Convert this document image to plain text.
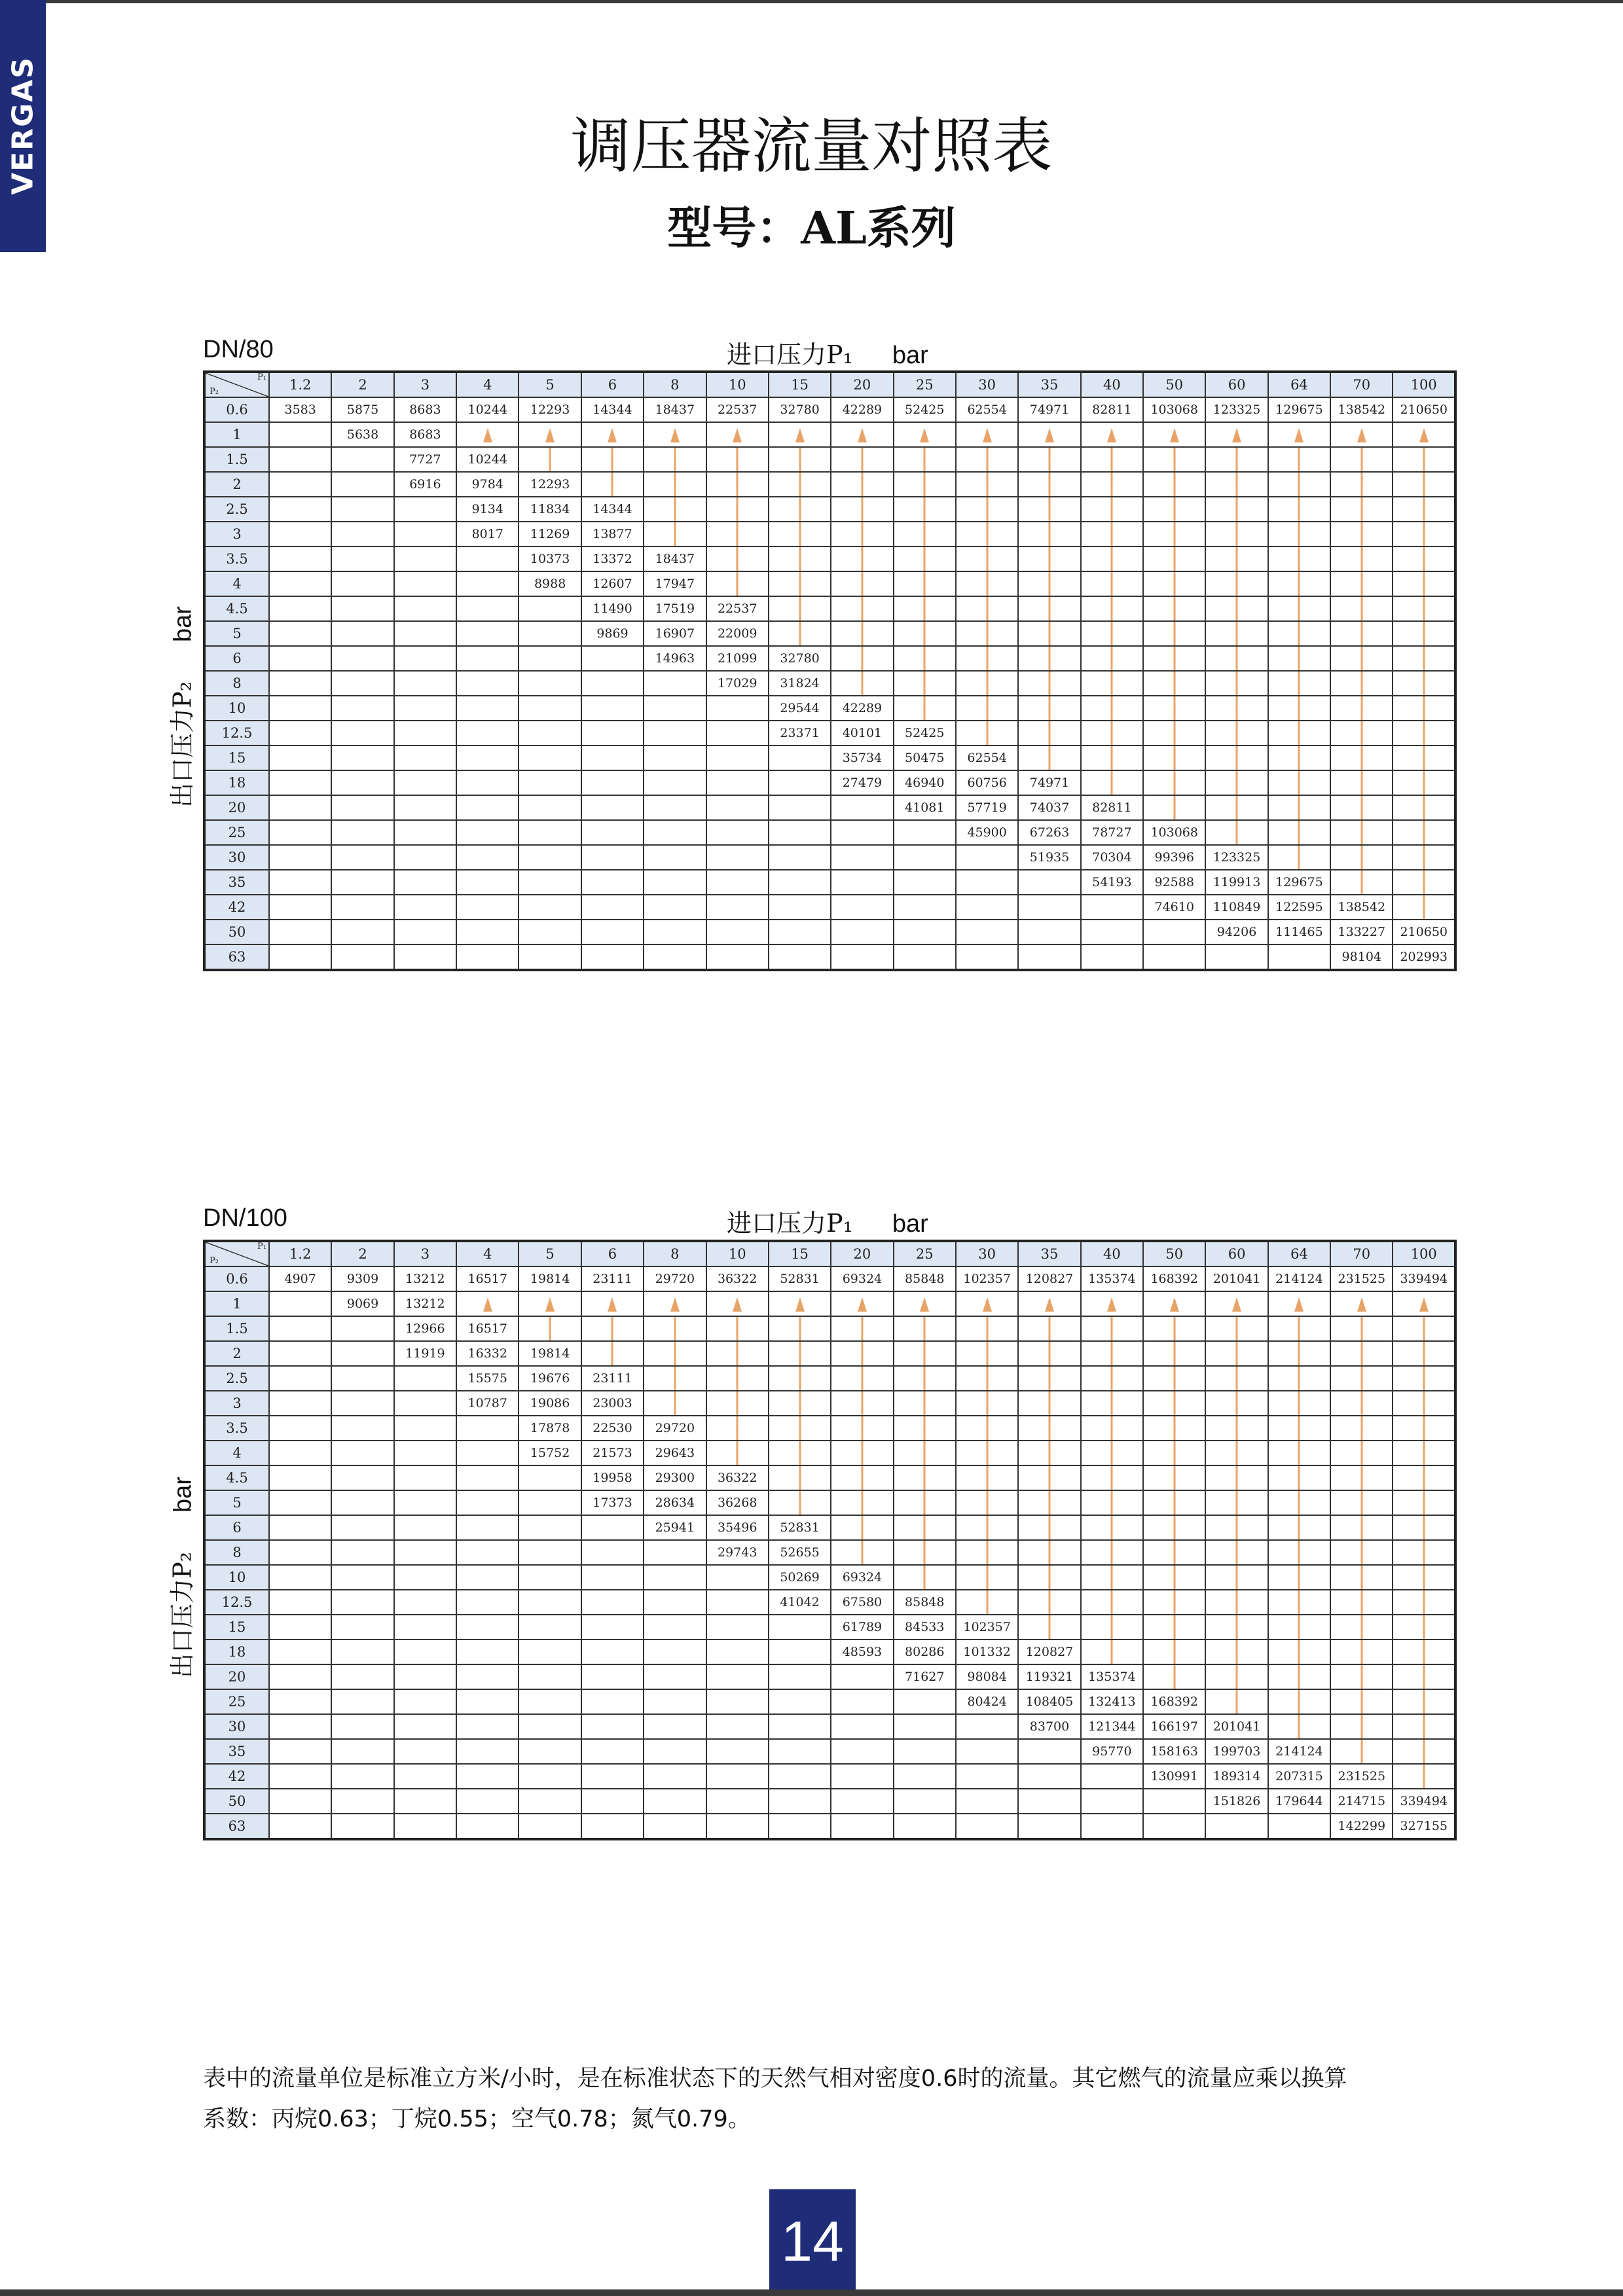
VERGAS	调压器流量对照表
型号：AL系列
DN/80	进口压力P₁ bar
出口压力P₂bar
P₁
P₂	1.2	2	3	4	5	6	8	10	15	20	25	30	35	40	50	60	64	70	100
0.6	3583	5875	8683	10244	12293	14344	18437	22537	32780	42289	52425	62554	74971	82811	103068	123325	129675	138542	210650
1		5638	8683																
1.5			7727	10244															
2			6916	9784	12293														
2.5				9134	11834	14344													
3				8017	11269	13877													
3.5					10373	13372	18437												
4					8988	12607	17947												
4.5						11490	17519	22537											
5						9869	16907	22009											
6							14963	21099	32780										
8								17029	31824										
10									29544	42289									
12.5									23371	40101	52425								
15										35734	50475	62554							
18										27479	46940	60756	74971						
20											41081	57719	74037	82811					
25												45900	67263	78727	103068				
30													51935	70304	99396	123325			
35														54193	92588	119913	129675		
42															74610	110849	122595	138542	
50																94206	111465	133227	210650
63																		98104	202993
DN/100	进口压力P₁ bar
出口压力P₂bar
P₁
P₂	1.2	2	3	4	5	6	8	10	15	20	25	30	35	40	50	60	64	70	100
0.6	4907	9309	13212	16517	19814	23111	29720	36322	52831	69324	85848	102357	120827	135374	168392	201041	214124	231525	339494
1		9069	13212																
1.5			12966	16517															
2			11919	16332	19814														
2.5				15575	19676	23111													
3				10787	19086	23003													
3.5					17878	22530	29720												
4					15752	21573	29643												
4.5						19958	29300	36322											
5						17373	28634	36268											
6							25941	35496	52831										
8								29743	52655										
10									50269	69324									
12.5									41042	67580	85848								
15										61789	84533	102357							
18										48593	80286	101332	120827						
20											71627	98084	119321	135374					
25												80424	108405	132413	168392				
30													83700	121344	166197	201041			
35														95770	158163	199703	214124		
42															130991	189314	207315	231525	
50																151826	179644	214715	339494
63																		142299	327155
表中的流量单位是标准立方米/小时，是在标准状态下的天然气相对密度0.6时的流量。其它燃气的流量应乘以换算
系数：丙烷0.63；丁烷0.55；空气0.78；氮气0.79。
14
